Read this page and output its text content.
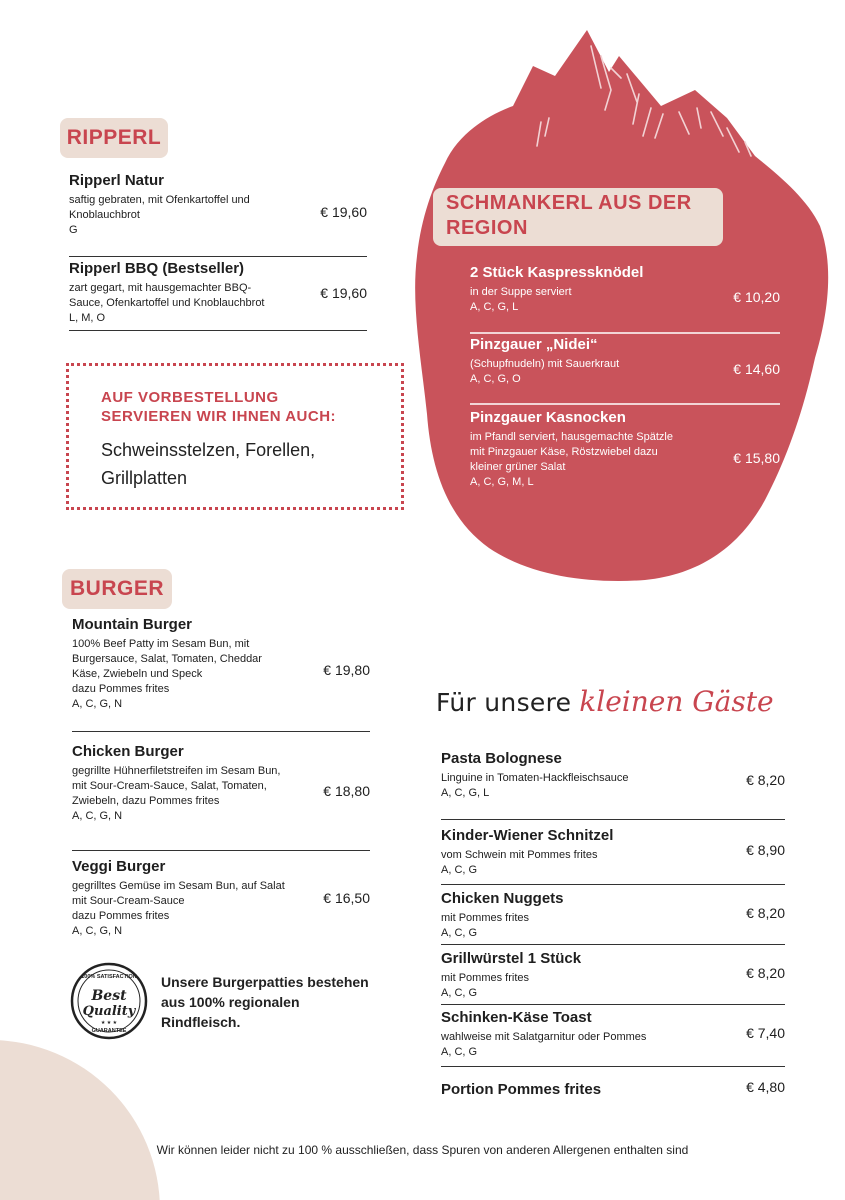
RIPPERL
Ripperl Natur
saftig gebraten, mit Ofenkartoffel und
Knoblauchbrot
G
€ 19,60
Ripperl BBQ (Bestseller)
zart gegart, mit hausgemachter BBQ-
Sauce, Ofenkartoffel und Knoblauchbrot
L, M, O
€ 19,60
AUF VORBESTELLUNG
SERVIEREN WIR IHNEN AUCH:
Schweinsstelzen, Forellen,
Grillplatten
SCHMANKERL AUS DER
REGION
2 Stück Kaspressknödel
in der Suppe serviert
A, C, G, L
€ 10,20
Pinzgauer „Nidei“
(Schupfnudeln) mit Sauerkraut
A, C, G, O
€ 14,60
Pinzgauer Kasnocken
im Pfandl serviert, hausgemachte Spätzle
mit Pinzgauer Käse, Röstzwiebel dazu
kleiner grüner Salat
A, C, G, M, L
€ 15,80
BURGER
Mountain Burger
100% Beef Patty im Sesam Bun, mit
Burgersauce, Salat, Tomaten, Cheddar
Käse, Zwiebeln und Speck
dazu Pommes frites
A, C, G, N
€ 19,80
Chicken Burger
gegrillte Hühnerfiletstreifen im Sesam Bun,
mit Sour-Cream-Sauce, Salat, Tomaten,
Zwiebeln, dazu Pommes frites
A, C, G, N
€ 18,80
Veggi Burger
gegrilltes Gemüse im Sesam Bun, auf Salat
mit Sour-Cream-Sauce
dazu Pommes frites
A, C, G, N
€ 16,50
100% SATISFACTION
Best
Quality
★ ★ ★
GUARANTEE
Unsere Burgerpatties bestehen
aus 100% regionalen
Rindfleisch.
Für unsere kleinen Gäste
Pasta Bolognese
Linguine in Tomaten-Hackfleischsauce
A, C, G, L
€ 8,20
Kinder-Wiener Schnitzel
vom Schwein mit Pommes frites
A, C, G
€ 8,90
Chicken Nuggets
mit Pommes frites
A, C, G
€ 8,20
Grillwürstel 1 Stück
mit Pommes frites
A, C, G
€ 8,20
Schinken-Käse Toast
wahlweise mit Salatgarnitur oder Pommes
A, C, G
€ 7,40
Portion Pommes frites	€ 4,80
Wir können leider nicht zu 100 % ausschließen, dass Spuren von anderen Allergenen enthalten sind
